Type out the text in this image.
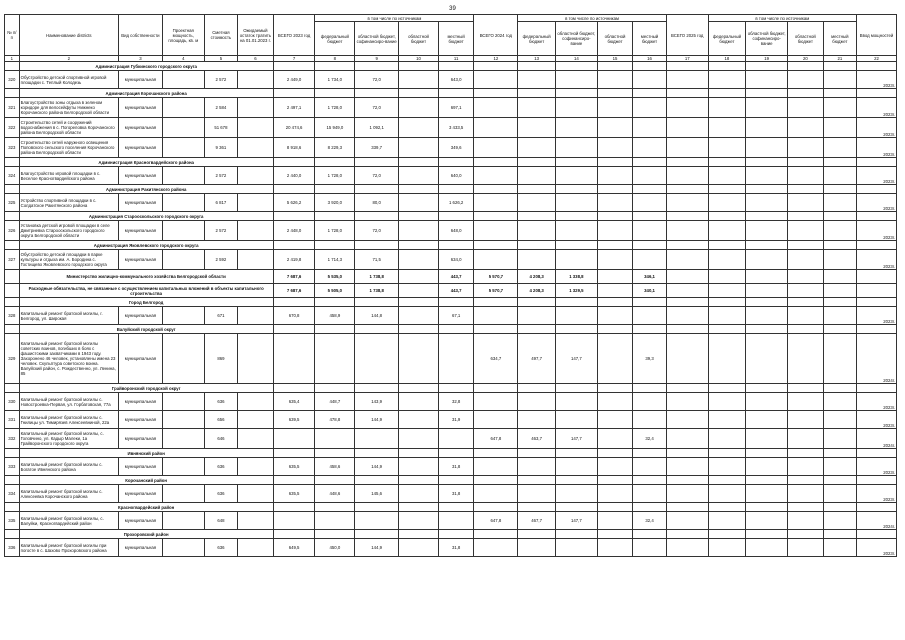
39
№ п/п	Наименование districts	Вид собственности	Проектная мощность, площадь, кв. м	Сметная стоимость	Ожидаемый остаток тратить на 01.01.2023 г.	ВСЕГО 2023 год	в том числе по источникам				ВСЕГО 2024 год	в том числе по источникам				ВСЕГО 2025 год	в том числе по источникам				Ввод мощностей
							федеральный бюджет	областной бюджет, софинансиро-вание	областной бюджет	местный бюджет		федеральный бюджет	областной бюджет, софинансиро-вание	областной бюджет	местный бюджет		федеральный бюджет	областной бюджет, софинансиро-вание	областной бюджет	местный бюджет	
1	2	3	4	5	6	7	8	9	10	11	12	13	14	15	16	17	18	19	20	21	22
	Администрация Губкинского городского округа																				
320	Обустройство детской спортивной игровой площадки с. Теплый Колодезь	муниципальная		2 572		2 449,0	1 734,0	72,0		643,0											2023г.
	Администрация Корочанского района																				
321	Благоустройство зоны отдыха в зеленом коридоре для велосейфуты Нижнеко Корочанского района Белгородской области	муниципальная		2 584		2 497,1	1 728,0	72,0		697,1											2023г.
322	Строительство сетей и сооружений водоснабжения в с. Погореловка Корочанского района Белгородской области	муниципальная		51 678		20 474,6	15 949,0	1 092,1		3 433,5											2023г.
323	Строительство сетей наружного освещения Поповского сельского поселения Корочанского района Белгородской области	муниципальная		9 361		8 918,6	8 229,3	339,7		349,6											2023г.
	Администрация Красногвардейского района																				
324	Благоустройство игровой площадки в с. Веселое Красногвардейского района	муниципальная		2 572		2 440,0	1 728,0	72,0		640,0											2023г.
	Администрация Ракитянского района																				
325	Устройство спортивной площадки в с. Солдатское Ракитянского района	муниципальная		6 817		5 626,2	3 920,0	80,0		1 626,2											2023г.
	Администрация Старооскольского городского округа																				
326	Установка детской игровой площадки в селе Дмитриевка Старооскольского городского округа Белгородской области	муниципальная		2 572		2 448,0	1 728,0	72,0		648,0											2023г.
	Администрация Яковлевского городского округа																				
327	Обустройство детской площадки в парке культуры и отдыха им. А. Бородина с. Гостищево Яковлевского городского округа	муниципальная		2 592		2 419,8	1 714,3	71,5		634,0											2023г.
	Министерство жилищно-коммунального хозяйства Белгородской области					7 687,6	5 535,0	1 738,8		443,7	5 570,7	4 208,3	1 338,8		346,1						
	Расходные обязательства, не связанные с осуществлением капитальных вложений в объекты капитального строительства					7 687,6	5 505,0	1 738,8		443,7	5 570,7	4 208,3	1 329,5		340,1						
	Город Белгород																				
328	Капитальный ремонт братской могилы, г. Белгород, ул. Широкая	муниципальная		671		670,8	458,9	144,8		67,1											2023г.
	Валуйский городской округ																				
329	Капитальный ремонт братской могилы советских воинов, погибших в боях с фашистскими захватчиками в 1943 году. Захоронено 46 человек, установлены имена 23 человек. Скульптура советского воина. Валуйский район, с. Рождественно, ул. Ленина, 85	муниципальная		869							634,7	497,7	147,7		39,3						2024г.
	Грайворонский городской округ																				
330	Капитальный ремонт братской могилы с. Новостроевка-Первая, ул. Горбатовская, 77а	муниципальная		636		635,4	448,7	143,9		32,8											2023г.
331	Капитальный ремонт братской могилы с. Гнилицы ул. Тимирязев Алексеевниной, 22а	муниципальная		656		639,5	478,8	144,9		31,9											2023г.
332	Капитальный ремонт братской могилы, с. Головчино, ул. Кадыр Малеки, 1а Грайворонского городского округа	муниципальная		646							647,8	463,7	147,7		32,4						2024г.
	Ивнянский район																				
333	Капитальный ремонт братской могилы с. Богатое Ивнянского района	муниципальная		636		635,5	458,6	144,9		31,8											2023г.
	Корочанский район																				
334	Капитальный ремонт братской могилы с. Алексеевка Корочанского района	муниципальная		636		635,5	448,6	145,6		31,8											2023г.
	Красногвардейский район																				
335	Капитальный ремонт братской могилы, с. Валуйки, Красногвардейский район	муниципальная		648							647,8	467,7	147,7		32,4						2024г.
	Прохоровский район																				
336	Капитальный ремонт братской могилы при погосте в с. Шахово Прохоровского района	муниципальная		636		649,5	450,0	144,9		31,8											2023г.
